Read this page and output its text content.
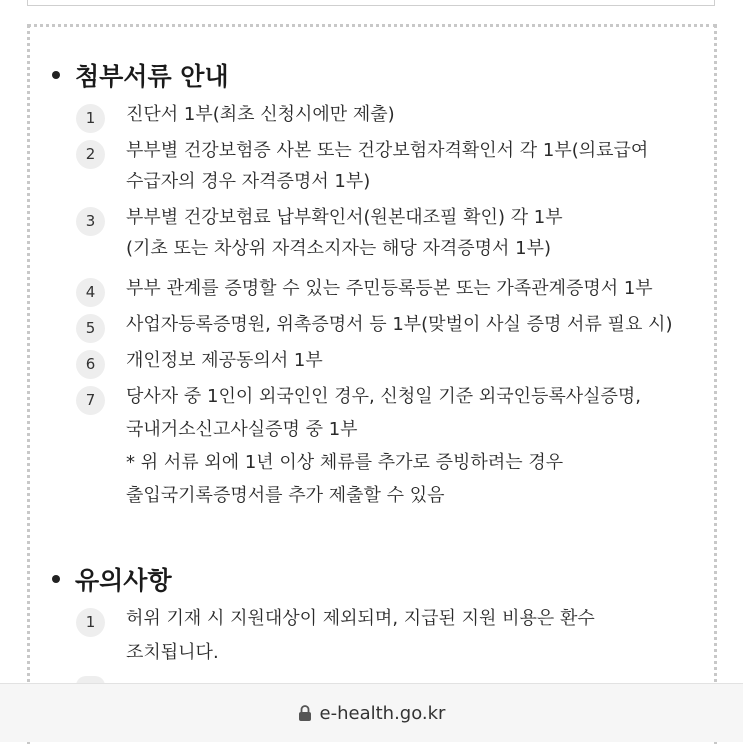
첨부서류 안내
1	진단서 1부(최초 신청시에만 제출)
2	부부별 건강보험증 사본 또는 건강보험자격확인서 각 1부(의료급여
수급자의 경우 자격증명서 1부)
3	부부별 건강보험료 납부확인서(원본대조필 확인) 각 1부
(기초 또는 차상위 자격소지자는 해당 자격증명서 1부)
4	부부 관계를 증명할 수 있는 주민등록등본 또는 가족관계증명서 1부
5	사업자등록증명원, 위촉증명서 등 1부(맞벌이 사실 증명 서류 필요 시)
6	개인정보 제공동의서 1부
7	당사자 중 1인이 외국인인 경우, 신청일 기준 외국인등록사실증명,
국내거소신고사실증명 중 1부
* 위 서류 외에 1년 이상 체류를 추가로 증빙하려는 경우
출입국기록증명서를 추가 제출할 수 있음
유의사항
1	허위 기재 시 지원대상이 제외되며, 지급된 지원 비용은 환수
조치됩니다.
e-health.go.kr
